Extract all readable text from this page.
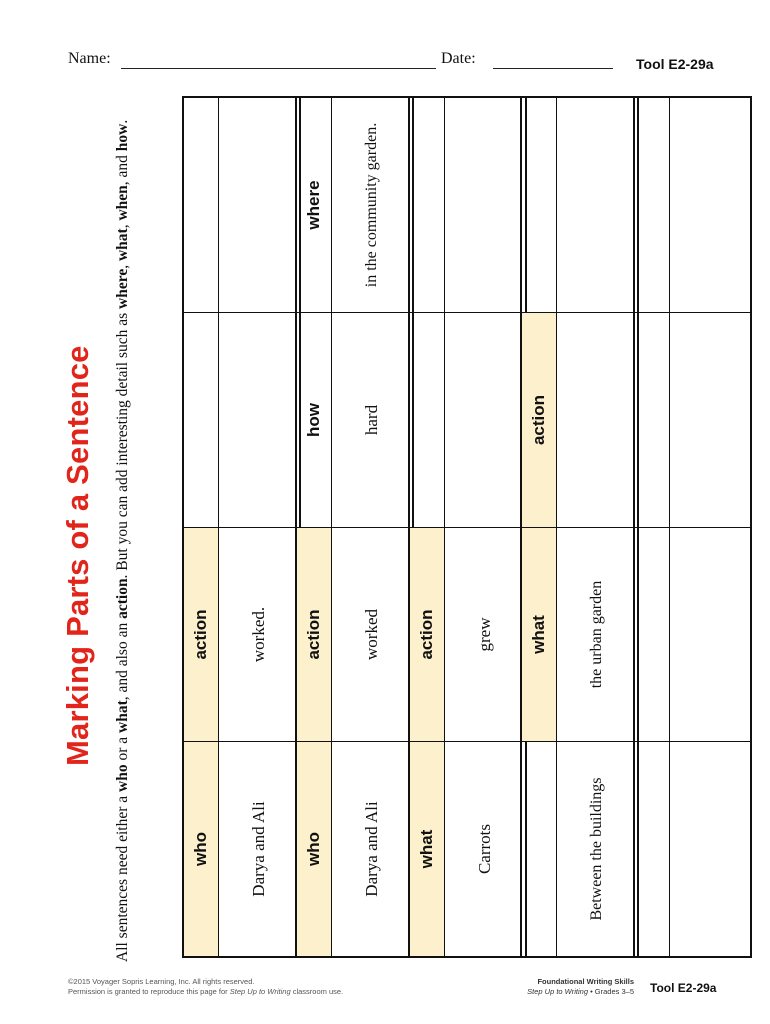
Name:	Date:	Tool E2-29a
Marking Parts of a Sentence
All sentences need either a who or a what, and also an action. But you can add interesting detail such as where, what, when, and how.
who
action
Darya and Ali
worked.
who
action
how
where
Darya and Ali
worked
hard
in the community garden.
what
action
Carrots
grew what
action
Between the buildings
the urban garden
©2015 Voyager Sopris Learning, Inc. All rights reserved.
Permission is granted to reproduce this page for Step Up to Writing classroom use.
Foundational Writing Skills
Step Up to Writing • Grades 3–5 Tool E2-29a
